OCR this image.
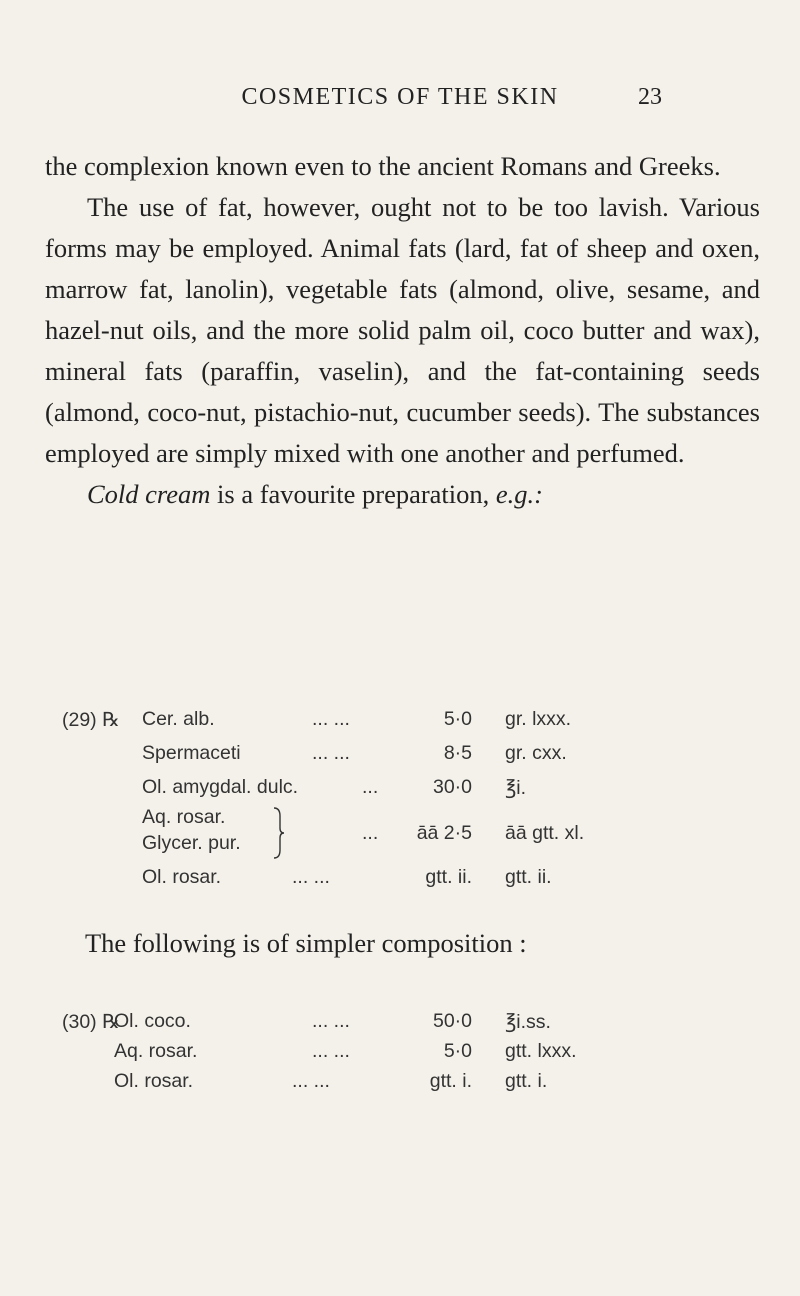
COSMETICS OF THE SKIN	23

the complexion known even to the ancient Romans and Greeks.

The use of fat, however, ought not to be too lavish. Various forms may be employed. Animal fats (lard, fat of sheep and oxen, marrow fat, lanolin), vegetable fats (almond, olive, sesame, and hazel-nut oils, and the more solid palm oil, coco butter and wax), mineral fats (paraffin, vaselin), and the fat-containing seeds (almond, coco-nut, pistachio-nut, cucumber seeds). The substances employed are simply mixed with one another and perfumed.

Cold cream is a favourite preparation, e.g.:

(29) ℞ Cer. alb.	... ...	5·0 gr. lxxx.
Spermaceti	... ...	8·5 gr. cxx.
Ol. amygdal. dulc.	...	30·0 ℥i.
Aq. rosar.
Glycer. pur.	...	āā 2·5 āā gtt. xl.
Ol. rosar.	... ...	gtt. ii. gtt. ii.
The following is of simpler composition :
(30) ℞
Ol. coco.	... ...	50·0 ℥i.ss.
Aq. rosar.	... ...	5·0 gtt. lxxx.
Ol. rosar.	... ...	gtt. i. gtt. i.
